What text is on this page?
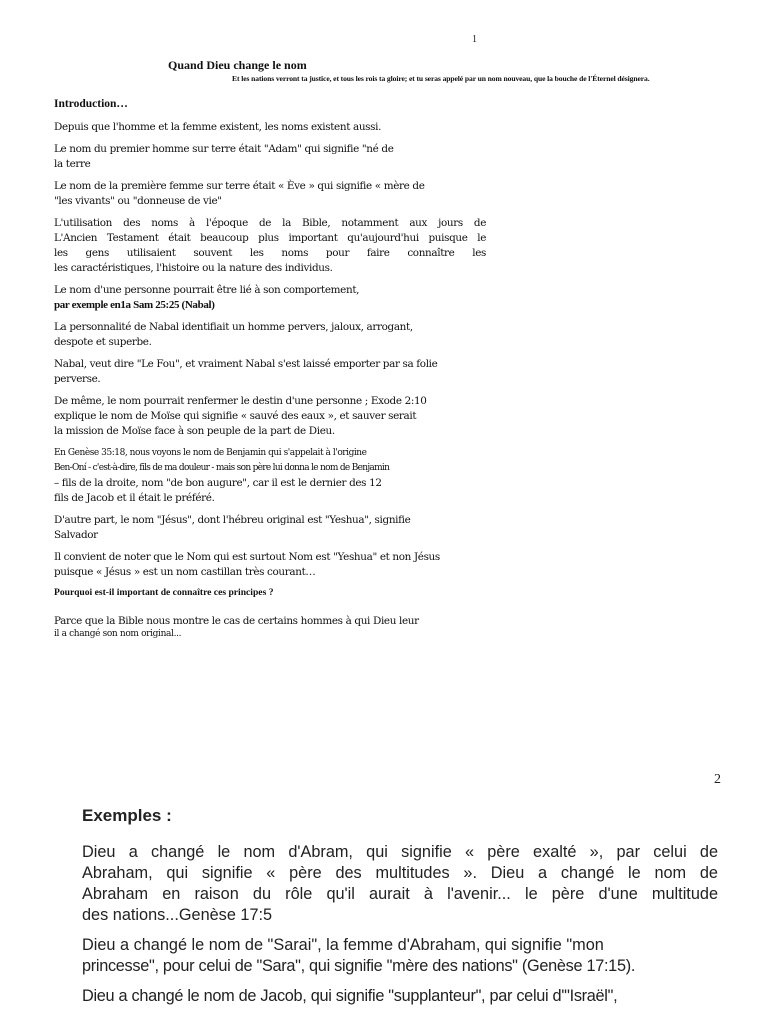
1
Quand Dieu change le nom
Et les nations verront ta justice, et tous les rois ta gloire; et tu seras appelé par un nom nouveau, que la bouche de l'Éternel désignera.
Introduction…

Depuis que l'homme et la femme existent, les noms existent aussi.

Le nom du premier homme sur terre était "Adam" qui signifie "né de
la terre

Le nom de la première femme sur terre était « Ève » qui signifie « mère de
"les vivants" ou "donneuse de vie"

L'utilisation des noms à l'époque de la Bible, notamment aux jours de
L'Ancien Testament était beaucoup plus important qu'aujourd'hui puisque le
les gens utilisaient souvent les noms pour faire connaître les
les caractéristiques, l'histoire ou la nature des individus.

Le nom d'une personne pourrait être lié à son comportement,
par exemple en1a Sam 25:25 (Nabal)

La personnalité de Nabal identifiait un homme pervers, jaloux, arrogant,
despote et superbe.

Nabal, veut dire "Le Fou", et vraiment Nabal s'est laissé emporter par sa folie
perverse.

De même, le nom pourrait renfermer le destin d'une personne ; Exode 2:10
explique le nom de Moïse qui signifie « sauvé des eaux », et sauver serait
la mission de Moïse face à son peuple de la part de Dieu.

En Genèse 35:18, nous voyons le nom de Benjamin qui s'appelait à l'origine
Ben-Oní - c'est-à-dire, fils de ma douleur - mais son père lui donna le nom de Benjamin
– fils de la droite, nom "de bon augure", car il est le dernier des 12
fils de Jacob et il était le préféré.

D'autre part, le nom "Jésus", dont l'hébreu original est "Yeshua", signifie
Salvador

Il convient de noter que le Nom qui est surtout Nom est "Yeshua" et non Jésus
puisque « Jésus » est un nom castillan très courant…

Pourquoi est-il important de connaître ces principes ?

Parce que la Bible nous montre le cas de certains hommes à qui Dieu leur
il a changé son nom original...

2
Exemples :

Dieu a changé le nom d'Abram, qui signifie « père exalté », par celui de
Abraham, qui signifie « père des multitudes ». Dieu a changé le nom de
Abraham en raison du rôle qu'il aurait à l'avenir... le père d'une multitude
des nations...Genèse 17:5

Dieu a changé le nom de "Sarai", la femme d'Abraham, qui signifie "mon
princesse", pour celui de "Sara", qui signifie "mère des nations" (Genèse 17:15).

Dieu a changé le nom de Jacob, qui signifie "supplanteur", par celui d'"Israël",
